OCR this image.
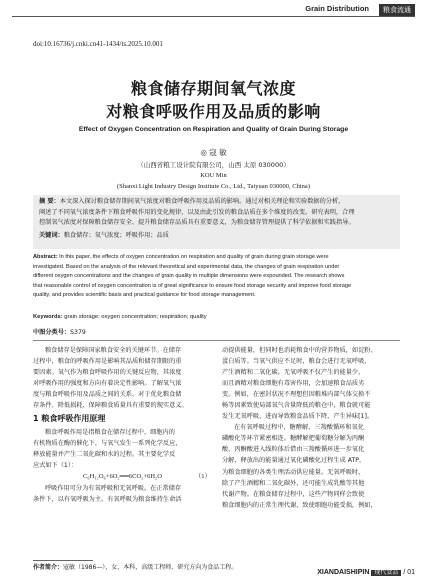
Grain Distribution	粮食流通
doi:10.16736/j.cnki.cn41-1434/ts.2025.10.001
粮食储存期间氧气浓度
对粮食呼吸作用及品质的影响
Effect of Oxygen Concentration on Respiration and Quality of Grain During Storage
◎ 寇 敏
（山西省粮工设计院有限公司，山西 太原 030000）
KOU Min
(Shanxi Light Industry Design Institute Co., Ltd., Taiyuan 030000, China)
摘 要：本文深入探讨粮食储存期间氧气浓度对粮食呼吸作用及品质的影响。通过对相关理论和实验数据的分析，
阐述了不同氧气浓度条件下粮食呼吸作用的变化规律，以及由此引发的粮食品质在多个维度的改变。研究表明，合理
控制氧气浓度对保障粮食储存安全、提升粮食储存品质具有重要意义，为粮食储存管理提供了科学依据和实践指导。
关键词：粮食储存；氧气浓度；呼吸作用；品质
Abstract: In this paper, the effects of oxygen concentration on respiration and quality of grain during grain storage were
investigated. Based on the analysis of the relevant theoretical and experimental data, the changes of grain respiration under
different oxygen concentrations and the changes of grain quality in multiple dimensions were expounded. The research shows
that reasonable control of oxygen concentration is of great significance to ensure food storage security and improve food storage
quality, and provides scientific basis and practical guidance for food storage management.
Keywords: grain storage; oxygen concentration; respiration; quality
中图分类号：S379
粮食储存是保障国家粮食安全的关键环节。在储存
过程中，粮食的呼吸作用是影响其品质和储存期限的重
要因素。氧气作为粮食呼吸作用的关键反应物，其浓度
对呼吸作用的强度和方向有着决定性影响。了解氧气浓
度与粮食呼吸作用及品质之间的关系，对于优化粮食储
存条件、降低损耗、保障粮食质量具有重要的现实意义。
1 粮食呼吸作用原理
粮食呼吸作用是指粮食在储存过程中，细胞内的
有机物质在酶的催化下，与氧气发生一系列化学反应，
释放能量并产生二氧化碳和水的过程。其主要化学反
应式如下（1）：
C₆H₁₂O₆+6O₂══6CO₂+6H₂O	（1）
呼吸作用可分为有氧呼吸和无氧呼吸。在正常储存
条件下，以有氧呼吸为主。有氧呼吸为粮食维持生命活
动提供能量，但同时也消耗粮食中的营养物质，如淀粉、
蛋白质等。当氧气供应不足时，粮食会进行无氧呼吸，
产生酒精和二氧化碳。无氧呼吸不仅产生的能量少，
而且酒精对粮食细胞有毒害作用，会加速粮食品质劣
变。例如，在密封状况不理想但因粮堆内部气体交换不
畅等因素致使局部氧气含量降低的粮仓中，粮食就可能
发生无氧呼吸，进而导致粮食品质下降，产生异味[1]。
在有氧呼吸过程中，糖酵解、三羧酸循环和氧化
磷酸化等环节紧密相连。糖酵解把葡萄糖分解为丙酮
酸，丙酮酸进入线粒体后借由三羧酸循环进一步氧化
分解，释放出的能量通过氧化磷酸化过程生成 ATP，
为粮食细胞的各类生理活动供应能量。无氧呼吸时，
除了产生酒精和二氧化碳外，还可能生成乳酸等其他
代谢产物。在粮食储存过程中，这些产物同样会致使
粮食细胞内的正常生理代谢、致使细胞功能受损，例如，
作者简介：寇敏（1986—），女，本科，高级工程师，研究方向为食品工程。
XIANDAISHIPIN 现代食品 / 01
